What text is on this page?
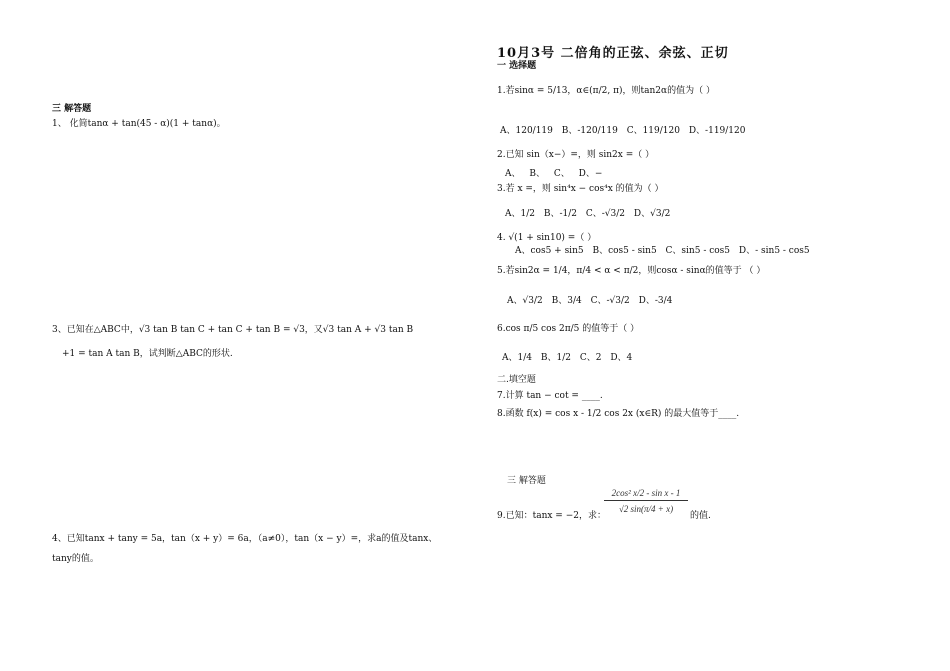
三 解答题
1、 化简tanα + tan(45 - α)(1 + tanα)。
3、已知在△ABC中，√3 tan B tan C + tan C + tan B = √3，又√3 tan A + √3 tan B
+1 = tan A tan B，试判断△ABC的形状.
4、已知tanx + tany = 5a，tan（x + y）= 6a，（a≠0），tan（x − y）=，求a的值及tanx、
tany的值。
10月3号 二倍角的正弦、余弦、正切
一 选择题
1.若sinα = 5/13，α∈(π/2, π)，则tan2α的值为（ ）
A、120/119 B、-120/119 C、119/120 D、-119/120
2.已知 sin（x−）=，则 sin2x =（ ）
A、 B、 C、 D、−
3.若 x =，则 sin⁴x − cos⁴x 的值为（ ）
A、1/2 B、-1/2 C、-√3/2 D、√3/2
4. √(1 + sin10) =（ ）
A、cos5 + sin5 B、cos5 - sin5 C、sin5 - cos5 D、- sin5 - cos5
5.若sin2α = 1/4，π/4 < α < π/2，则cosα - sinα的值等于 （ ）
A、√3/2 B、3/4 C、-√3/2 D、-3/4
6.cos π/5 cos 2π/5 的值等于（ ）
A、1/4 B、1/2 C、2 D、4
二.填空题
7.计算 tan − cot = ____.
8.函数 f(x) = cos x - 1/2 cos 2x (x∈R) 的最大值等于____.
三 解答题
9.已知：tanx = −2，求：
2cos² x/2 - sin x - 1
√2 sin(π/4 + x)
的值.
